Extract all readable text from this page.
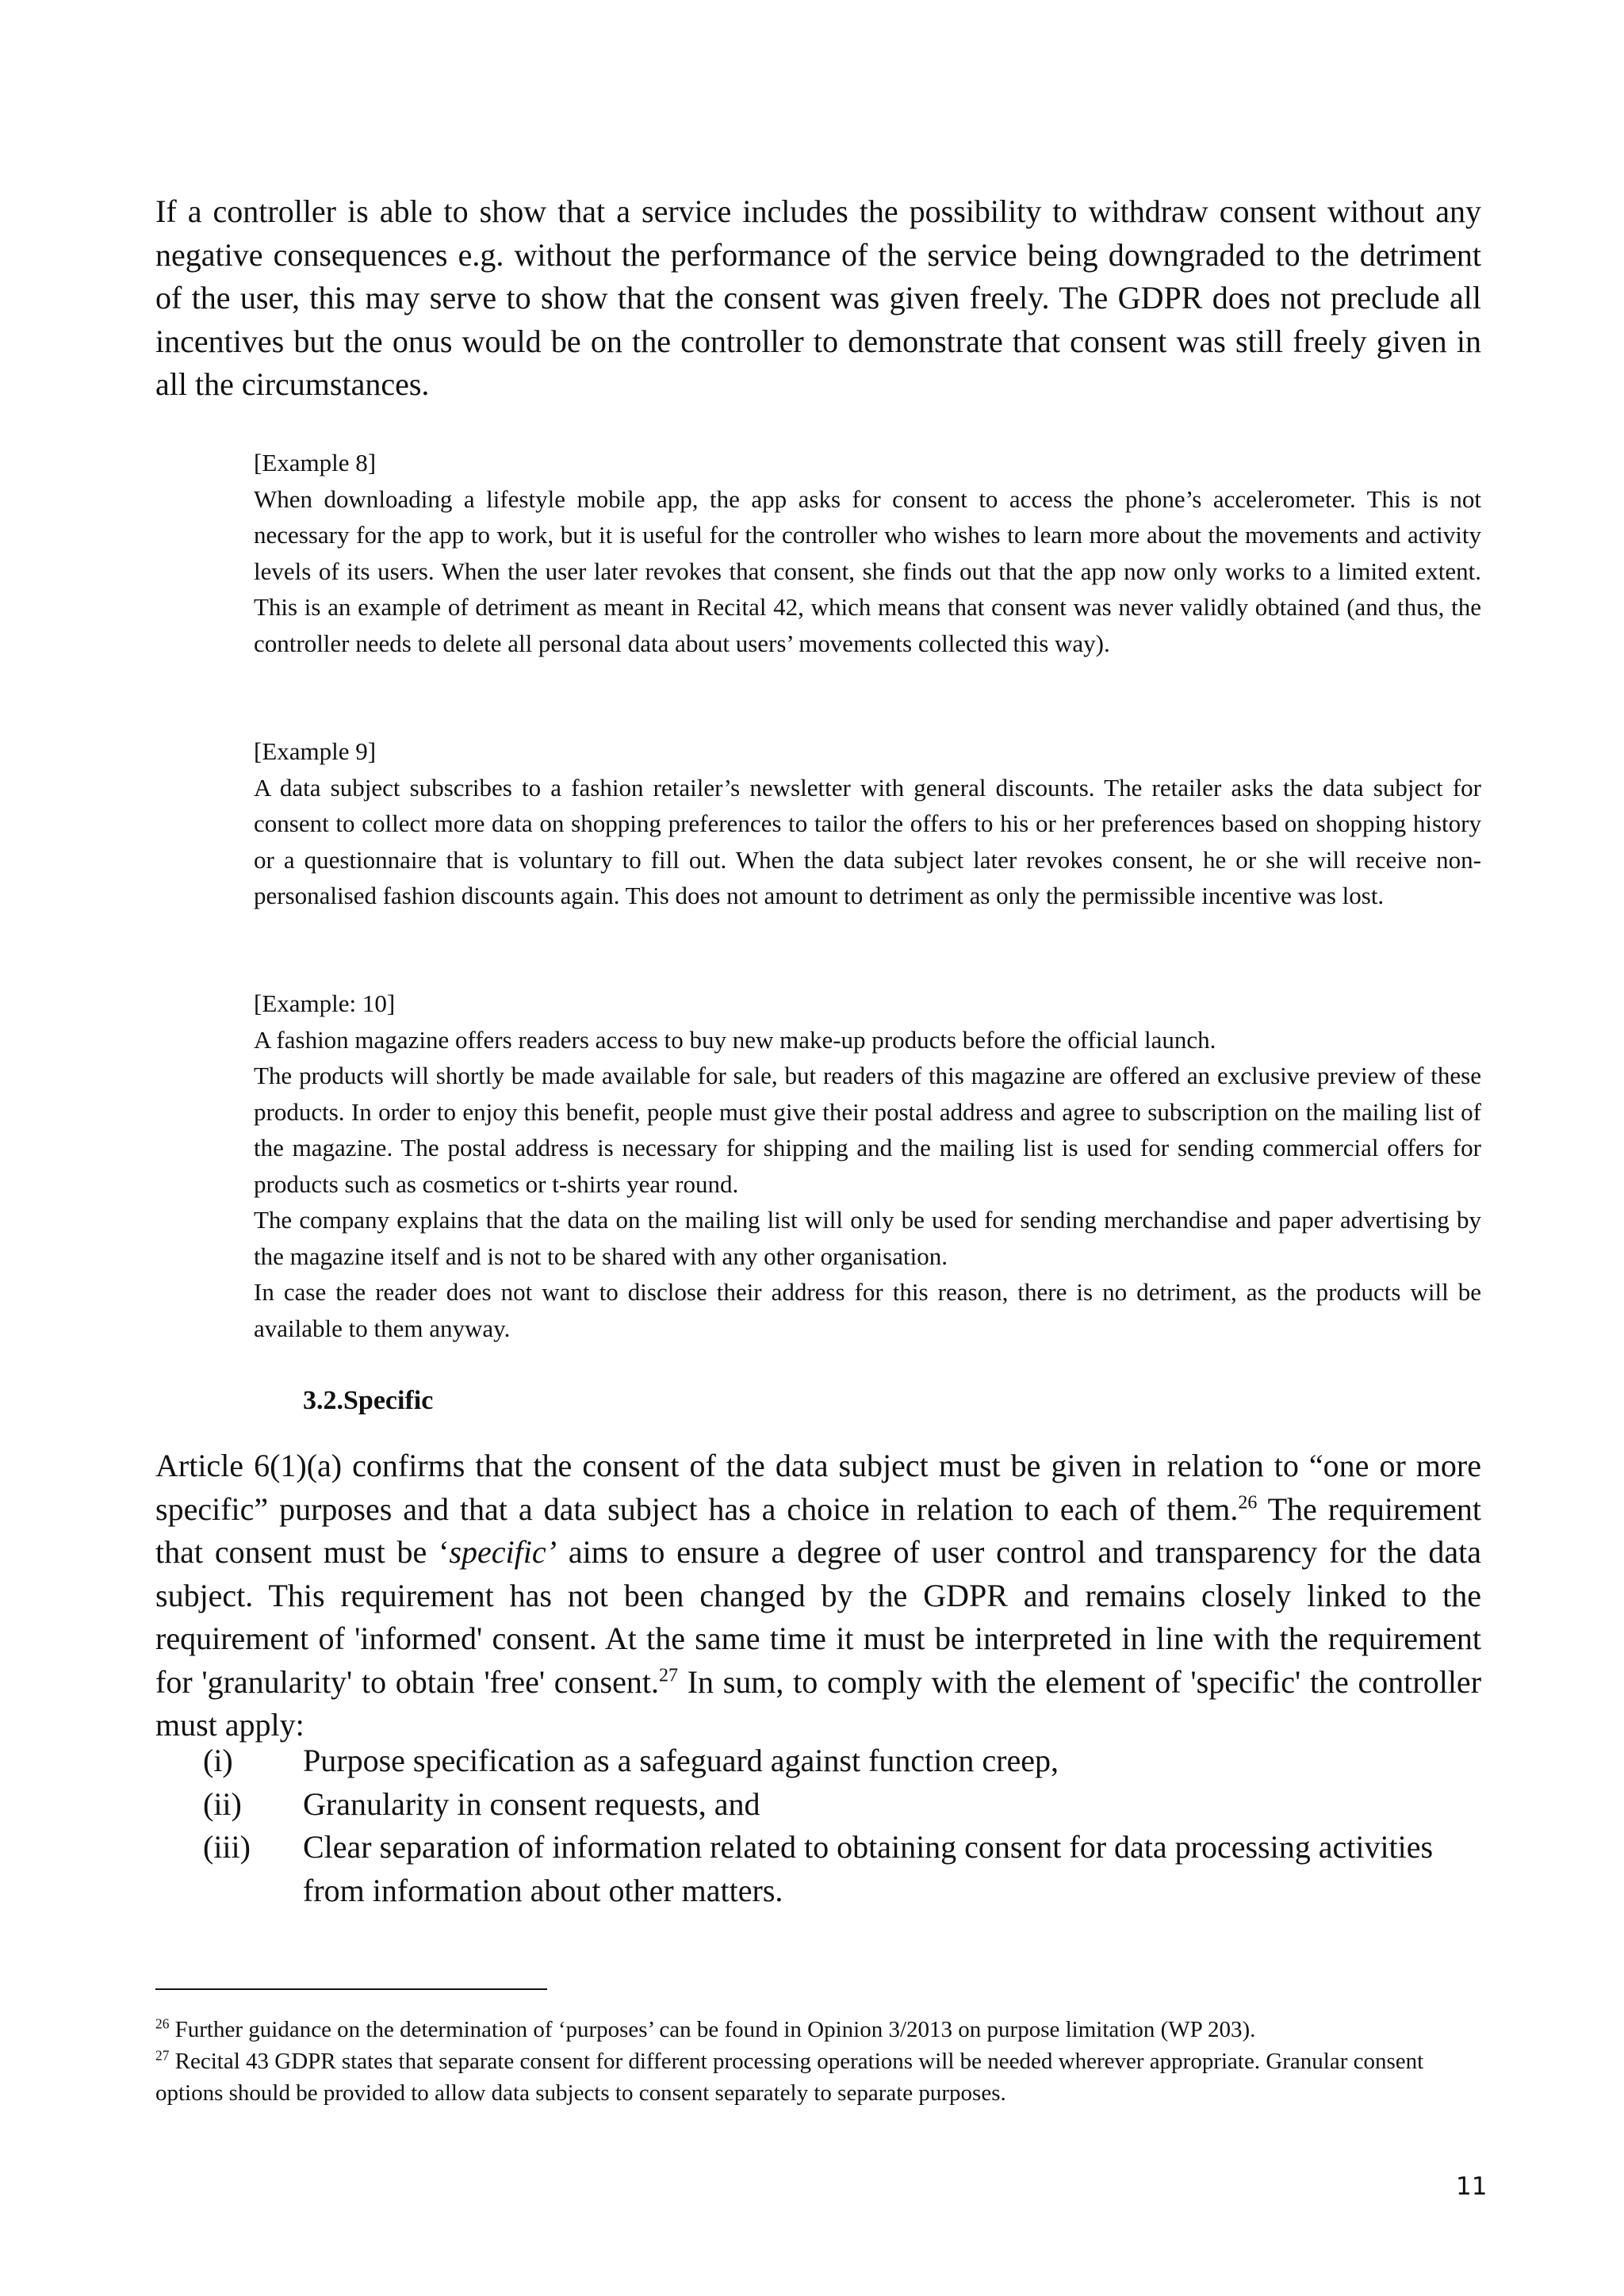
If a controller is able to show that a service includes the possibility to withdraw consent without any negative consequences e.g. without the performance of the service being downgraded to the detriment of the user, this may serve to show that the consent was given freely. The GDPR does not preclude all incentives but the onus would be on the controller to demonstrate that consent was still freely given in all the circumstances.

[Example 8]

When downloading a lifestyle mobile app, the app asks for consent to access the phone’s accelerometer. This is not necessary for the app to work, but it is useful for the controller who wishes to learn more about the movements and activity levels of its users. When the user later revokes that consent, she finds out that the app now only works to a limited extent. This is an example of detriment as meant in Recital 42, which means that consent was never validly obtained (and thus, the controller needs to delete all personal data about users’ movements collected this way).

[Example 9]

A data subject subscribes to a fashion retailer’s newsletter with general discounts. The retailer asks the data subject for consent to collect more data on shopping preferences to tailor the offers to his or her preferences based on shopping history or a questionnaire that is voluntary to fill out. When the data subject later revokes consent, he or she will receive non-personalised fashion discounts again. This does not amount to detriment as only the permissible incentive was lost.

[Example: 10]

A fashion magazine offers readers access to buy new make-up products before the official launch.

The products will shortly be made available for sale, but readers of this magazine are offered an exclusive preview of these products. In order to enjoy this benefit, people must give their postal address and agree to subscription on the mailing list of the magazine. The postal address is necessary for shipping and the mailing list is used for sending commercial offers for products such as cosmetics or t-shirts year round.

The company explains that the data on the mailing list will only be used for sending merchandise and paper advertising by the magazine itself and is not to be shared with any other organisation.

In case the reader does not want to disclose their address for this reason, there is no detriment, as the products will be available to them anyway.

3.2.Specific

Article 6(1)(a) confirms that the consent of the data subject must be given in relation to “one or more specific” purposes and that a data subject has a choice in relation to each of them.$^{26}$ The requirement that consent must be ‘specific’ aims to ensure a degree of user control and transparency for the data subject. This requirement has not been changed by the GDPR and remains closely linked to the requirement of 'informed' consent. At the same time it must be interpreted in line with the requirement for 'granularity' to obtain 'free' consent.$^{27}$ In sum, to comply with the element of 'specific' the controller must apply:

(i)	Purpose specification as a safeguard against function creep,
(ii)	Granularity in consent requests, and
(iii)	Clear separation of information related to obtaining consent for data processing activities from information about other matters.

$^{26}$ Further guidance on the determination of ‘purposes’ can be found in Opinion 3/2013 on purpose limitation (WP 203).

$^{27}$ Recital 43 GDPR states that separate consent for different processing operations will be needed wherever appropriate. Granular consent options should be provided to allow data subjects to consent separately to separate purposes.

11
